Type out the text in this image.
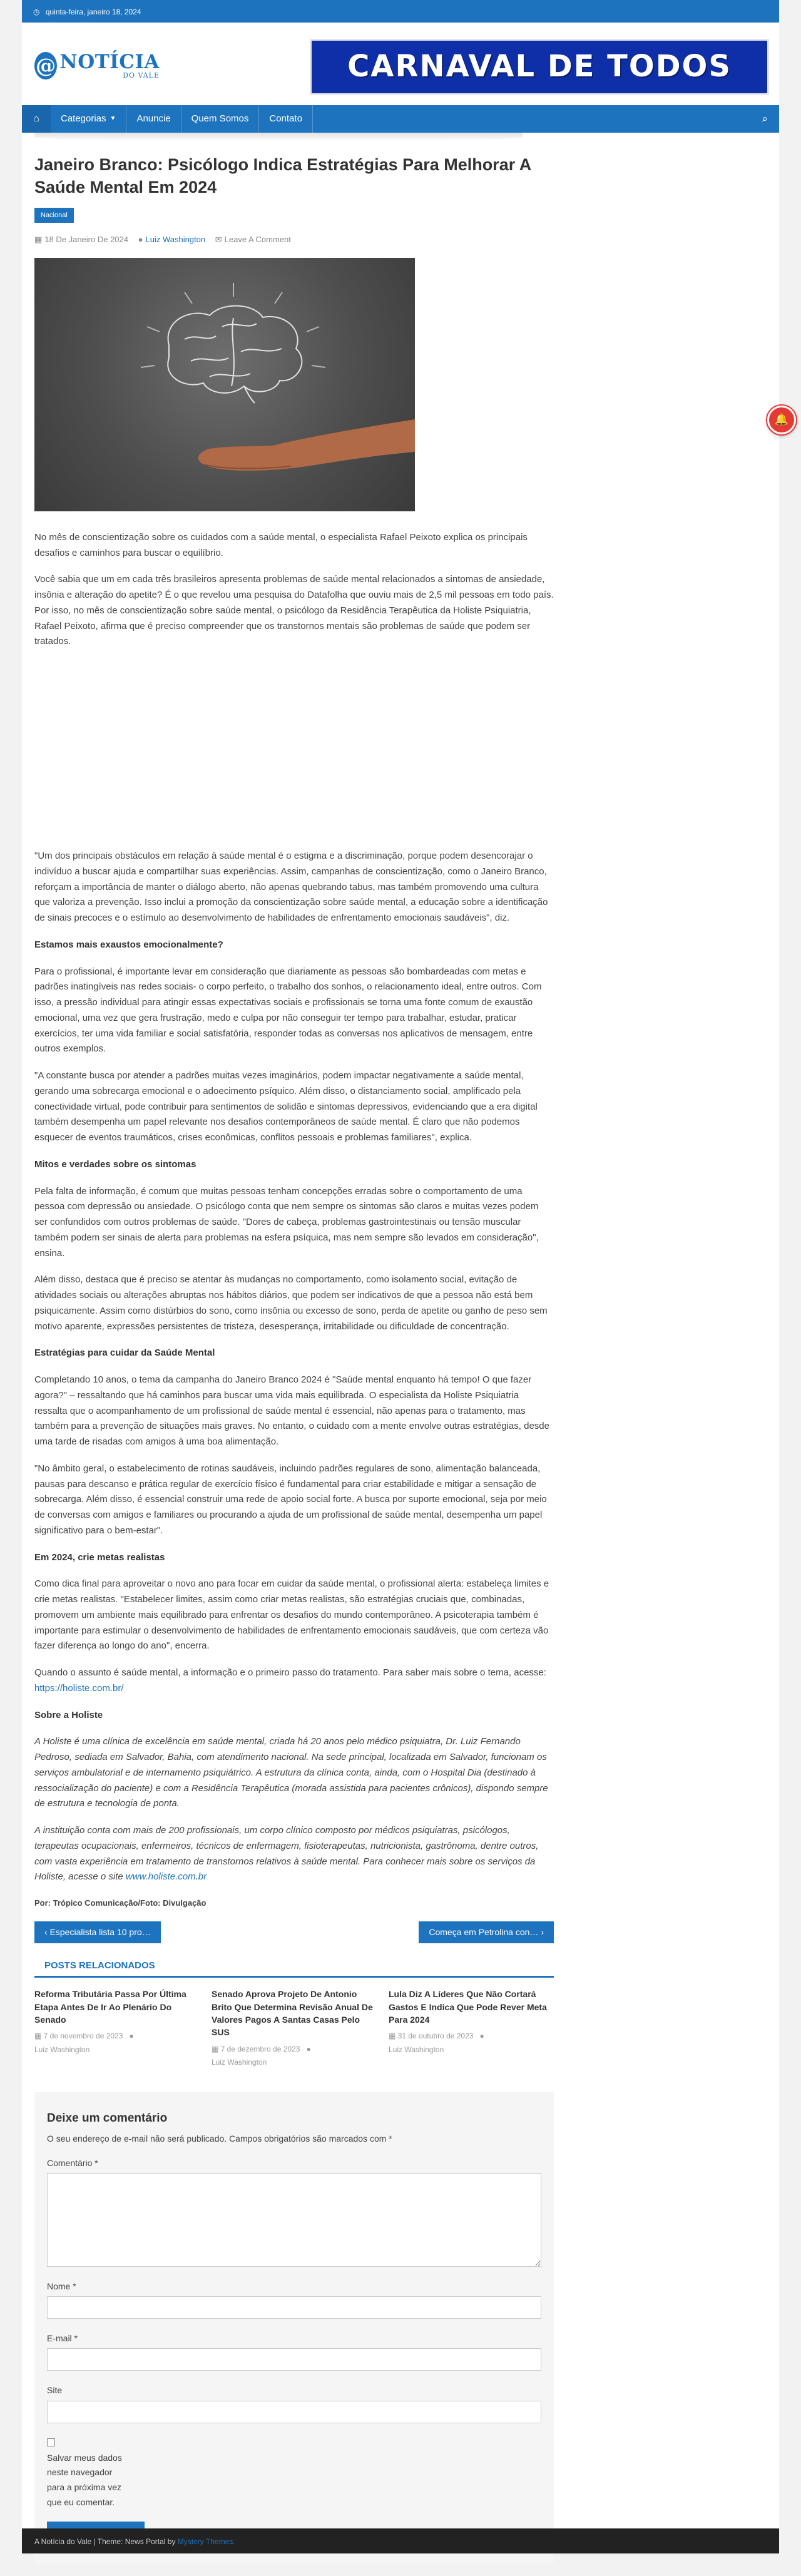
◷ quinta-feira, janeiro 18, 2024
@ NOTÍCIA
DO VALE	CARNAVAL DE TODOS
⌂	Categorias ▼	Anuncie	Quem Somos	Contato	⌕
Janeiro Branco: Psicólogo Indica Estratégias Para Melhorar A Saúde Mental Em 2024
Nacional
▦ 18 De Janeiro De 2024 ● Luiz Washington ✉ Leave A Comment

No mês de conscientização sobre os cuidados com a saúde mental, o especialista Rafael Peixoto explica os principais desafios e caminhos para buscar o equilíbrio.

Você sabia que um em cada três brasileiros apresenta problemas de saúde mental relacionados a sintomas de ansiedade, insônia e alteração do apetite? É o que revelou uma pesquisa do Datafolha que ouviu mais de 2,5 mil pessoas em todo país. Por isso, no mês de conscientização sobre saúde mental, o psicólogo da Residência Terapêutica da Holiste Psiquiatria, Rafael Peixoto, afirma que é preciso compreender que os transtornos mentais são problemas de saúde que podem ser tratados.

"Um dos principais obstáculos em relação à saúde mental é o estigma e a discriminação, porque podem desencorajar o indivíduo a buscar ajuda e compartilhar suas experiências. Assim, campanhas de conscientização, como o Janeiro Branco, reforçam a importância de manter o diálogo aberto, não apenas quebrando tabus, mas também promovendo uma cultura que valoriza a prevenção. Isso inclui a promoção da conscientização sobre saúde mental, a educação sobre a identificação de sinais precoces e o estímulo ao desenvolvimento de habilidades de enfrentamento emocionais saudáveis", diz.

Estamos mais exaustos emocionalmente?

Para o profissional, é importante levar em consideração que diariamente as pessoas são bombardeadas com metas e padrões inatingíveis nas redes sociais- o corpo perfeito, o trabalho dos sonhos, o relacionamento ideal, entre outros. Com isso, a pressão individual para atingir essas expectativas sociais e profissionais se torna uma fonte comum de exaustão emocional, uma vez que gera frustração, medo e culpa por não conseguir ter tempo para trabalhar, estudar, praticar exercícios, ter uma vida familiar e social satisfatória, responder todas as conversas nos aplicativos de mensagem, entre outros exemplos.

"A constante busca por atender a padrões muitas vezes imaginários, podem impactar negativamente a saúde mental, gerando uma sobrecarga emocional e o adoecimento psíquico. Além disso, o distanciamento social, amplificado pela conectividade virtual, pode contribuir para sentimentos de solidão e sintomas depressivos, evidenciando que a era digital também desempenha um papel relevante nos desafios contemporâneos de saúde mental. É claro que não podemos esquecer de eventos traumáticos, crises econômicas, conflitos pessoais e problemas familiares", explica.

Mitos e verdades sobre os sintomas

Pela falta de informação, é comum que muitas pessoas tenham concepções erradas sobre o comportamento de uma pessoa com depressão ou ansiedade. O psicólogo conta que nem sempre os sintomas são claros e muitas vezes podem ser confundidos com outros problemas de saúde. "Dores de cabeça, problemas gastrointestinais ou tensão muscular também podem ser sinais de alerta para problemas na esfera psíquica, mas nem sempre são levados em consideração", ensina.

Além disso, destaca que é preciso se atentar às mudanças no comportamento, como isolamento social, evitação de atividades sociais ou alterações abruptas nos hábitos diários, que podem ser indicativos de que a pessoa não está bem psiquicamente. Assim como distúrbios do sono, como insônia ou excesso de sono, perda de apetite ou ganho de peso sem motivo aparente, expressões persistentes de tristeza, desesperança, irritabilidade ou dificuldade de concentração.

Estratégias para cuidar da Saúde Mental

Completando 10 anos, o tema da campanha do Janeiro Branco 2024 é "Saúde mental enquanto há tempo! O que fazer agora?" – ressaltando que há caminhos para buscar uma vida mais equilibrada. O especialista da Holiste Psiquiatria ressalta que o acompanhamento de um profissional de saúde mental é essencial, não apenas para o tratamento, mas também para a prevenção de situações mais graves. No entanto, o cuidado com a mente envolve outras estratégias, desde uma tarde de risadas com amigos à uma boa alimentação.

"No âmbito geral, o estabelecimento de rotinas saudáveis, incluindo padrões regulares de sono, alimentação balanceada, pausas para descanso e prática regular de exercício físico é fundamental para criar estabilidade e mitigar a sensação de sobrecarga. Além disso, é essencial construir uma rede de apoio social forte. A busca por suporte emocional, seja por meio de conversas com amigos e familiares ou procurando a ajuda de um profissional de saúde mental, desempenha um papel significativo para o bem-estar".

Em 2024, crie metas realistas

Como dica final para aproveitar o novo ano para focar em cuidar da saúde mental, o profissional alerta: estabeleça limites e crie metas realistas. "Estabelecer limites, assim como criar metas realistas, são estratégias cruciais que, combinadas, promovem um ambiente mais equilibrado para enfrentar os desafios do mundo contemporâneo. A psicoterapia também é importante para estimular o desenvolvimento de habilidades de enfrentamento emocionais saudáveis, que com certeza vão fazer diferença ao longo do ano", encerra.

Quando o assunto é saúde mental, a informação e o primeiro passo do tratamento. Para saber mais sobre o tema, acesse:
https://holiste.com.br/

Sobre a Holiste

A Holiste é uma clínica de excelência em saúde mental, criada há 20 anos pelo médico psiquiatra, Dr. Luiz Fernando Pedroso, sediada em Salvador, Bahia, com atendimento nacional. Na sede principal, localizada em Salvador, funcionam os serviços ambulatorial e de internamento psiquiátrico. A estrutura da clínica conta, ainda, com o Hospital Dia (destinado à ressocialização do paciente) e com a Residência Terapêutica (morada assistida para pacientes crônicos), dispondo sempre de estrutura e tecnologia de ponta.

A instituição conta com mais de 200 profissionais, um corpo clínico composto por médicos psiquiatras, psicólogos, terapeutas ocupacionais, enfermeiros, técnicos de enfermagem, fisioterapeutas, nutricionista, gastrônoma, dentre outros, com vasta experiência em tratamento de transtornos relativos à saúde mental. Para conhecer mais sobre os serviços da Holiste, acesse o site www.holiste.com.br

Por: Trópico Comunicação/Foto: Divulgação

‹ Especialista lista 10 pro…	Começa em Petrolina con… ›
POSTS RELACIONADOS
Reforma Tributária Passa Por Última Etapa Antes De Ir Ao Plenário Do Senado
▦ 7 de novembro de 2023 ●
Luiz Washington
Senado Aprova Projeto De Antonio Brito Que Determina Revisão Anual De Valores Pagos A Santas Casas Pelo SUS
▦ 7 de dezembro de 2023 ●
Luiz Washington
Lula Diz A Líderes Que Não Cortará Gastos E Indica Que Pode Rever Meta Para 2024
▦ 31 de outubro de 2023 ●
Luiz Washington
Deixe um comentário

O seu endereço de e-mail não será publicado. Campos obrigatórios são marcados com *

Comentário *
Nome *
E-mail *
Site
Salvar meus dados neste navegador para a próxima vez que eu comentar.
A Notícia do Vale | Theme: News Portal by Mystery Themes.
🔔
